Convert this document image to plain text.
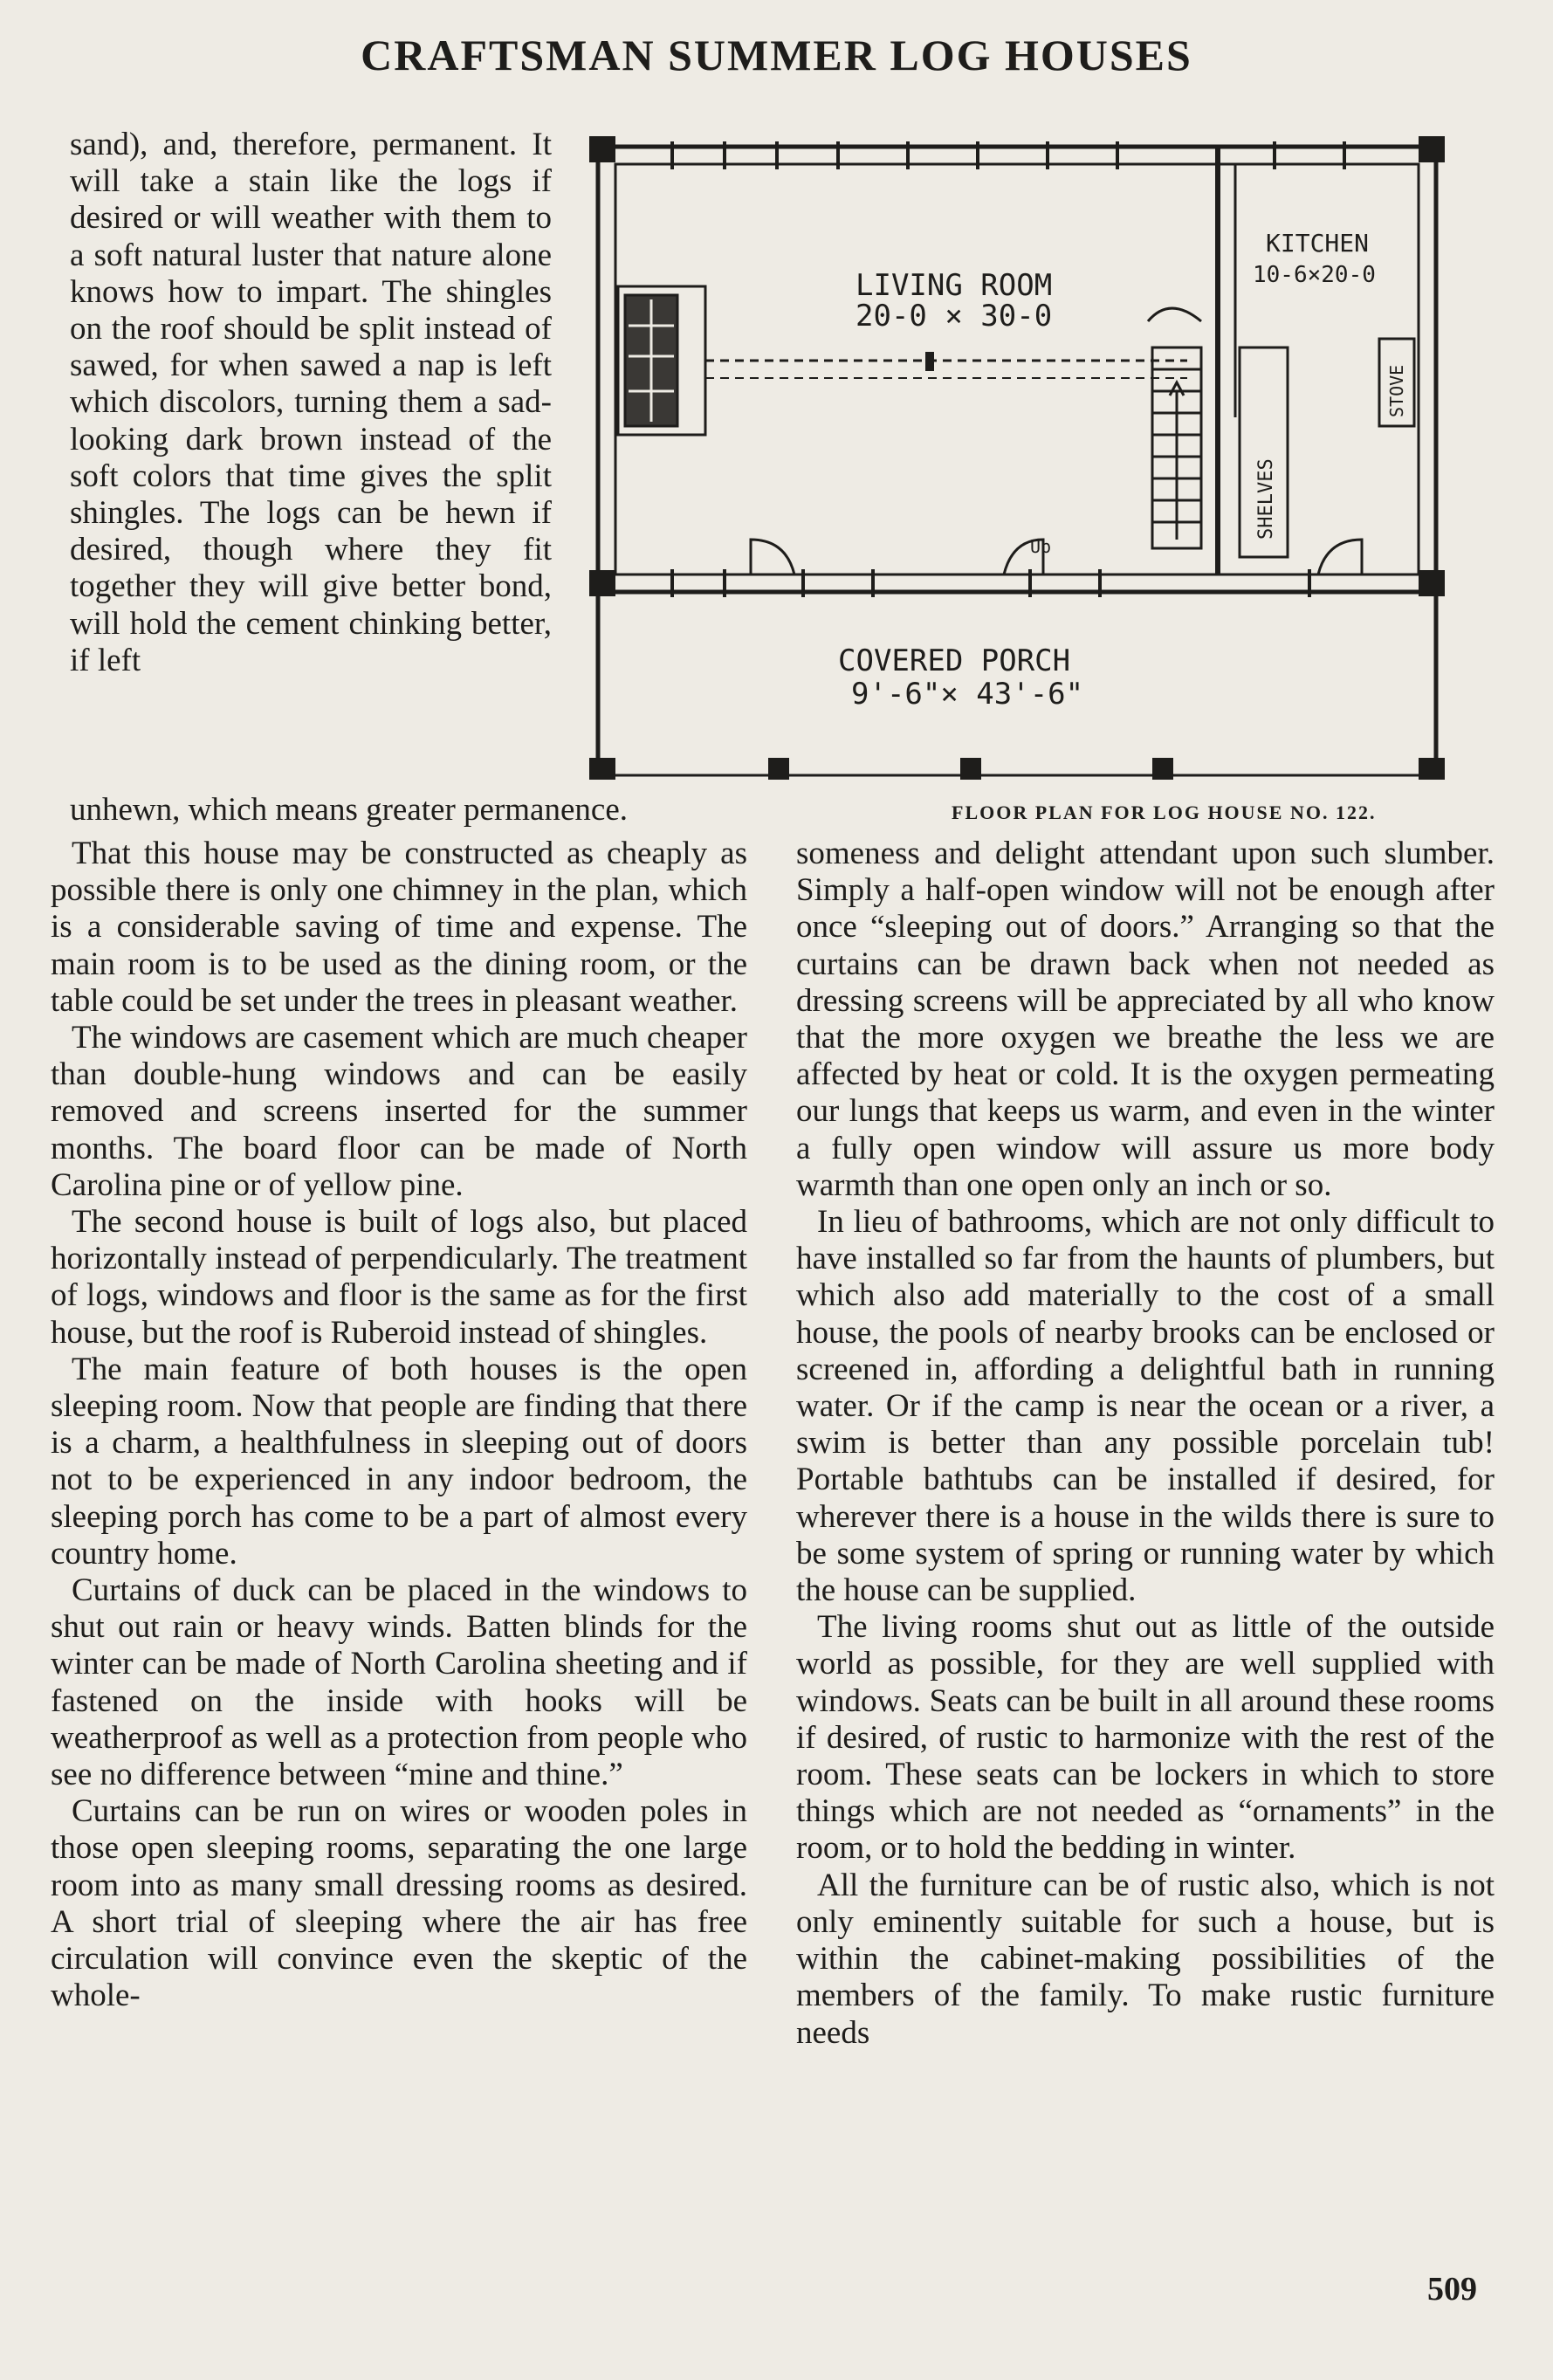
CRAFTSMAN SUMMER LOG HOUSES

sand), and, therefore, permanent. It will take a stain like the logs if desired or will weather with them to a soft natural luster that nature alone knows how to impart. The shingles on the roof should be split instead of sawed, for when sawed a nap is left which discolors, turning them a sad-looking dark brown instead of the soft colors that time gives the split shingles. The logs can be hewn if desired, though where they fit together they will give better bond, will hold the cement chinking better, if left

unhewn, which means greater permanence.
LIVING ROOM
20-0 × 30-0
KITCHEN
10-6×20-0
STOVE
SHELVES
Up
COVERED PORCH
9'-6"× 43'-6"
FLOOR PLAN FOR LOG HOUSE NO. 122.

That this house may be constructed as cheaply as possible there is only one chimney in the plan, which is a considerable saving of time and expense. The main room is to be used as the dining room, or the table could be set under the trees in pleasant weather.

The windows are casement which are much cheaper than double-hung windows and can be easily removed and screens inserted for the summer months. The board floor can be made of North Carolina pine or of yellow pine.

The second house is built of logs also, but placed horizontally instead of perpendicularly. The treatment of logs, windows and floor is the same as for the first house, but the roof is Ruberoid instead of shingles.

The main feature of both houses is the open sleeping room. Now that people are finding that there is a charm, a healthfulness in sleeping out of doors not to be experienced in any indoor bedroom, the sleeping porch has come to be a part of almost every country home.

Curtains of duck can be placed in the windows to shut out rain or heavy winds. Batten blinds for the winter can be made of North Carolina sheeting and if fastened on the inside with hooks will be weatherproof as well as a protection from people who see no difference between “mine and thine.”

Curtains can be run on wires or wooden poles in those open sleeping rooms, separating the one large room into as many small dressing rooms as desired. A short trial of sleeping where the air has free circulation will convince even the skeptic of the whole-

someness and delight attendant upon such slumber. Simply a half-open window will not be enough after once “sleeping out of doors.” Arranging so that the curtains can be drawn back when not needed as dressing screens will be appreciated by all who know that the more oxygen we breathe the less we are affected by heat or cold. It is the oxygen permeating our lungs that keeps us warm, and even in the winter a fully open window will assure us more body warmth than one open only an inch or so.

In lieu of bathrooms, which are not only difficult to have installed so far from the haunts of plumbers, but which also add materially to the cost of a small house, the pools of nearby brooks can be enclosed or screened in, affording a delightful bath in running water. Or if the camp is near the ocean or a river, a swim is better than any possible porcelain tub! Portable bathtubs can be installed if desired, for wherever there is a house in the wilds there is sure to be some system of spring or running water by which the house can be supplied.

The living rooms shut out as little of the outside world as possible, for they are well supplied with windows. Seats can be built in all around these rooms if desired, of rustic to harmonize with the rest of the room. These seats can be lockers in which to store things which are not needed as “ornaments” in the room, or to hold the bedding in winter.

All the furniture can be of rustic also, which is not only eminently suitable for such a house, but is within the cabinet-making possibilities of the members of the family. To make rustic furniture needs

509
